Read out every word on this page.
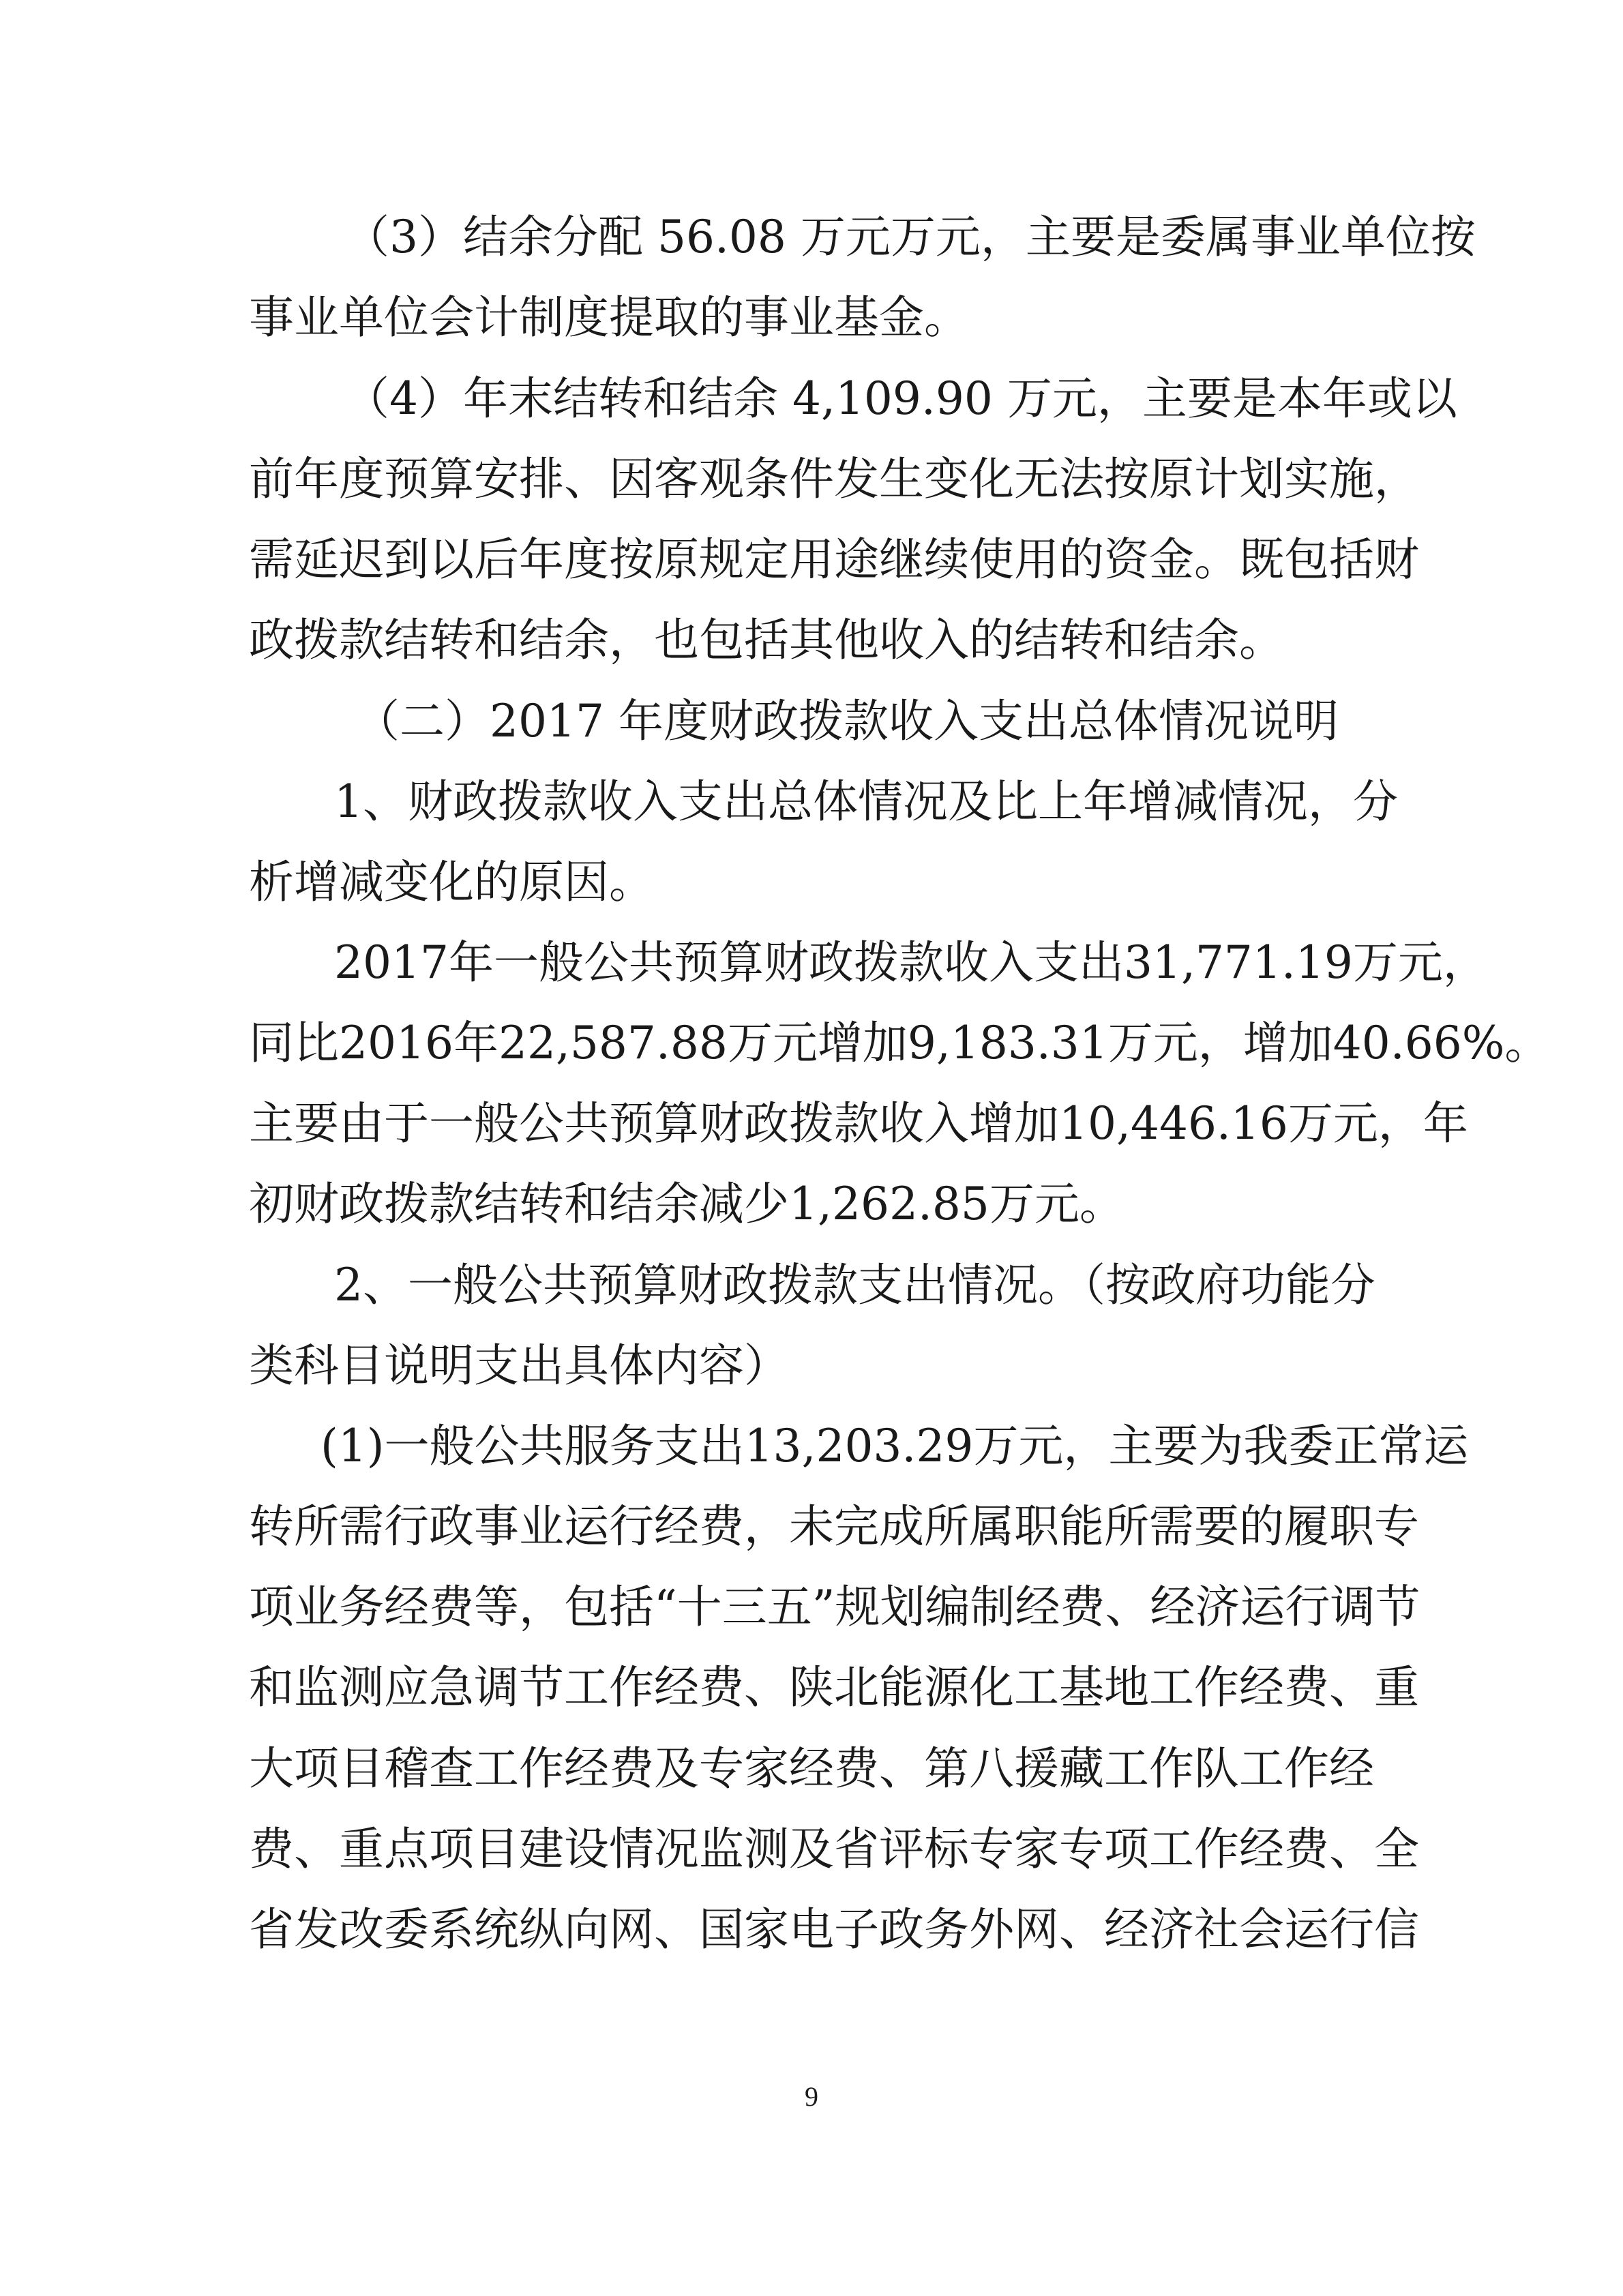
（3）结余分配 56.08 万元万元，主要是委属事业单位按
事业单位会计制度提取的事业基金。
（4）年末结转和结余 4,109.90 万元，主要是本年或以
前年度预算安排、因客观条件发生变化无法按原计划实施，
需延迟到以后年度按原规定用途继续使用的资金。既包括财
政拨款结转和结余，也包括其他收入的结转和结余。
（二）2017 年度财政拨款收入支出总体情况说明
1、财政拨款收入支出总体情况及比上年增减情况，分
析增减变化的原因。
2017年一般公共预算财政拨款收入支出31,771.19万元，
同比2016年22,587.88万元增加9,183.31万元，增加40.66%。
主要由于一般公共预算财政拨款收入增加10,446.16万元，年
初财政拨款结转和结余减少1,262.85万元。
2、一般公共预算财政拨款支出情况。（按政府功能分
类科目说明支出具体内容）
(1)一般公共服务支出13,203.29万元，主要为我委正常运
转所需行政事业运行经费，未完成所属职能所需要的履职专
项业务经费等，包括“十三五”规划编制经费、经济运行调节
和监测应急调节工作经费、陕北能源化工基地工作经费、重
大项目稽查工作经费及专家经费、第八援藏工作队工作经
费、重点项目建设情况监测及省评标专家专项工作经费、全
省发改委系统纵向网、国家电子政务外网、经济社会运行信
9
